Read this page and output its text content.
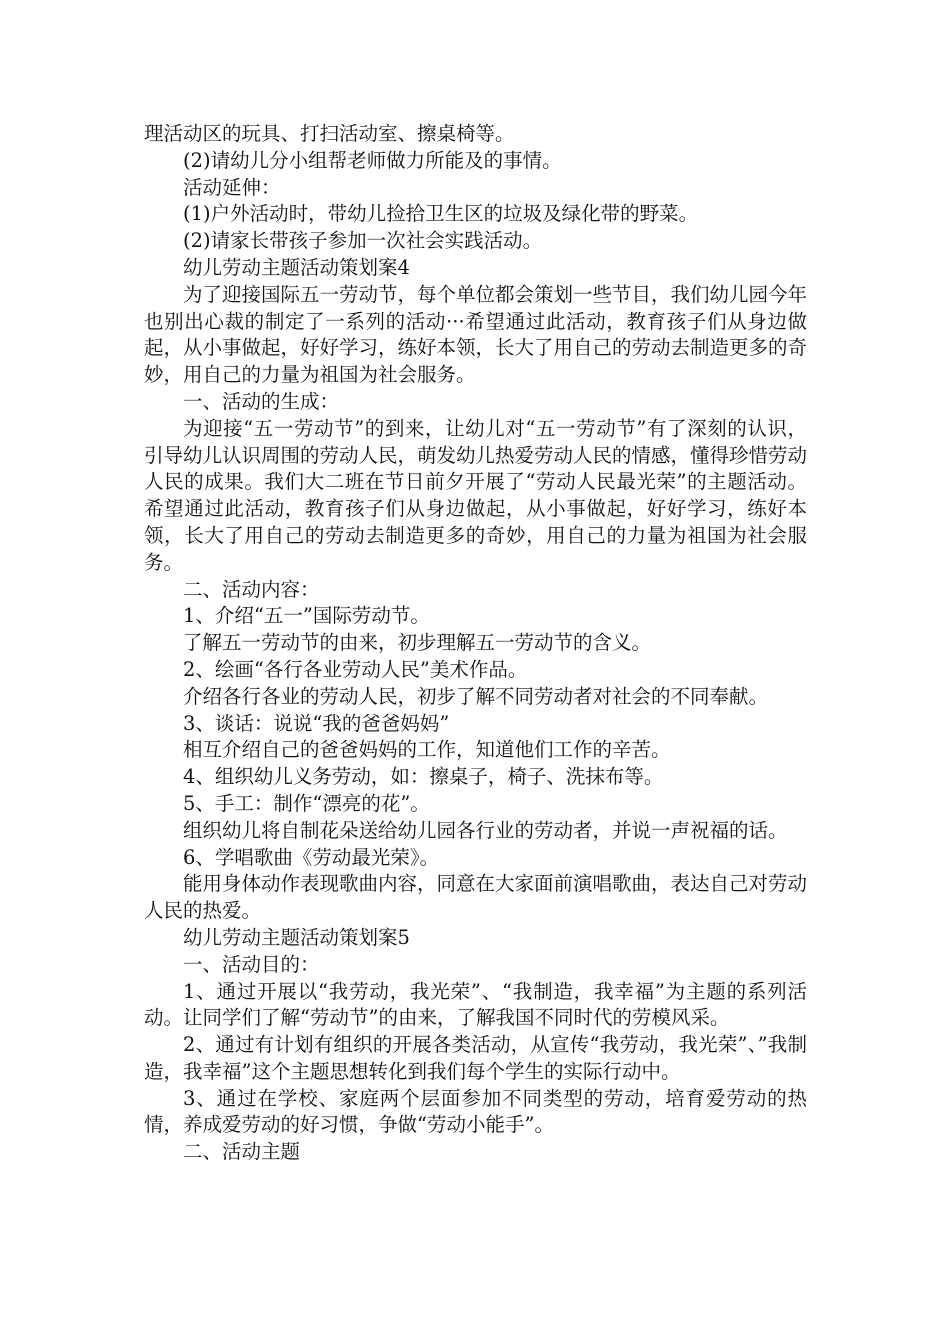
理活动区的玩具、打扫活动室、擦桌椅等。

(2)请幼儿分小组帮老师做力所能及的事情。

活动延伸：

(1)户外活动时，带幼儿捡拾卫生区的垃圾及绿化带的野菜。

(2)请家长带孩子参加一次社会实践活动。

幼儿劳动主题活动策划案4

为了迎接国际五一劳动节，每个单位都会策划一些节目，我们幼儿园今年也别出心裁的制定了一系列的活动···希望通过此活动，教育孩子们从身边做起，从小事做起，好好学习，练好本领，长大了用自己的劳动去制造更多的奇妙，用自己的力量为祖国为社会服务。

一、活动的生成：

为迎接“五一劳动节”的到来，让幼儿对“五一劳动节”有了深刻的认识，引导幼儿认识周围的劳动人民，萌发幼儿热爱劳动人民的情感，懂得珍惜劳动人民的成果。我们大二班在节日前夕开展了“劳动人民最光荣”的主题活动。希望通过此活动，教育孩子们从身边做起，从小事做起，好好学习，练好本领，长大了用自己的劳动去制造更多的奇妙，用自己的力量为祖国为社会服务。

二、活动内容：

1、介绍“五一”国际劳动节。

了解五一劳动节的由来，初步理解五一劳动节的含义。

2、绘画“各行各业劳动人民”美术作品。

介绍各行各业的劳动人民，初步了解不同劳动者对社会的不同奉献。

3、谈话：说说“我的爸爸妈妈”

相互介绍自己的爸爸妈妈的工作，知道他们工作的辛苦。

4、组织幼儿义务劳动，如：擦桌子，椅子、洗抹布等。

5、手工：制作“漂亮的花”。

组织幼儿将自制花朵送给幼儿园各行业的劳动者，并说一声祝福的话。

6、学唱歌曲《劳动最光荣》。

能用身体动作表现歌曲内容，同意在大家面前演唱歌曲，表达自己对劳动人民的热爱。

幼儿劳动主题活动策划案5

一、活动目的：

1、通过开展以“我劳动，我光荣”、“我制造，我幸福”为主题的系列活动。让同学们了解“劳动节”的由来，了解我国不同时代的劳模风采。

2、通过有计划有组织的开展各类活动，从宣传“我劳动，我光荣”、”我制造，我幸福”这个主题思想转化到我们每个学生的实际行动中。

3、通过在学校、家庭两个层面参加不同类型的劳动，培育爱劳动的热情，养成爱劳动的好习惯，争做“劳动小能手”。

二、活动主题
